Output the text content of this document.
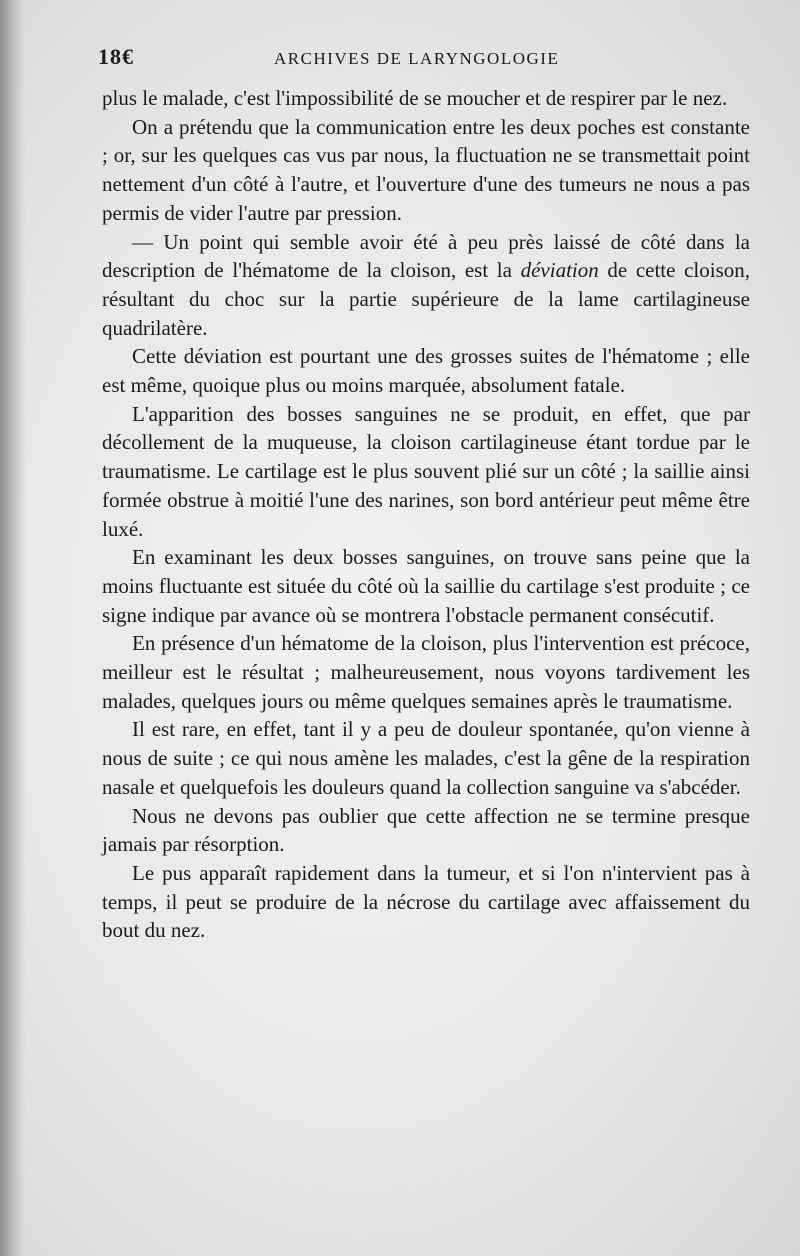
18€	ARCHIVES DE LARYNGOLOGIE

plus le malade, c'est l'impossibilité de se moucher et de respirer par le nez.

On a prétendu que la communication entre les deux poches est constante ; or, sur les quelques cas vus par nous, la fluctuation ne se transmettait point nettement d'un côté à l'autre, et l'ouverture d'une des tumeurs ne nous a pas permis de vider l'autre par pression.

— Un point qui semble avoir été à peu près laissé de côté dans la description de l'hématome de la cloison, est la déviation de cette cloison, résultant du choc sur la partie supérieure de la lame cartilagineuse quadrilatère.

Cette déviation est pourtant une des grosses suites de l'hématome ; elle est même, quoique plus ou moins marquée, absolument fatale.

L'apparition des bosses sanguines ne se produit, en effet, que par décollement de la muqueuse, la cloison cartilagineuse étant tordue par le traumatisme. Le cartilage est le plus souvent plié sur un côté ; la saillie ainsi formée obstrue à moitié l'une des narines, son bord antérieur peut même être luxé.

En examinant les deux bosses sanguines, on trouve sans peine que la moins fluctuante est située du côté où la saillie du cartilage s'est produite ; ce signe indique par avance où se montrera l'obstacle permanent consécutif.

En présence d'un hématome de la cloison, plus l'intervention est précoce, meilleur est le résultat ; malheureusement, nous voyons tardivement les malades, quelques jours ou même quelques semaines après le traumatisme.

Il est rare, en effet, tant il y a peu de douleur spontanée, qu'on vienne à nous de suite ; ce qui nous amène les malades, c'est la gêne de la respiration nasale et quelquefois les douleurs quand la collection sanguine va s'abcéder.

Nous ne devons pas oublier que cette affection ne se termine presque jamais par résorption.

Le pus apparaît rapidement dans la tumeur, et si l'on n'intervient pas à temps, il peut se produire de la nécrose du cartilage avec affaissement du bout du nez.
